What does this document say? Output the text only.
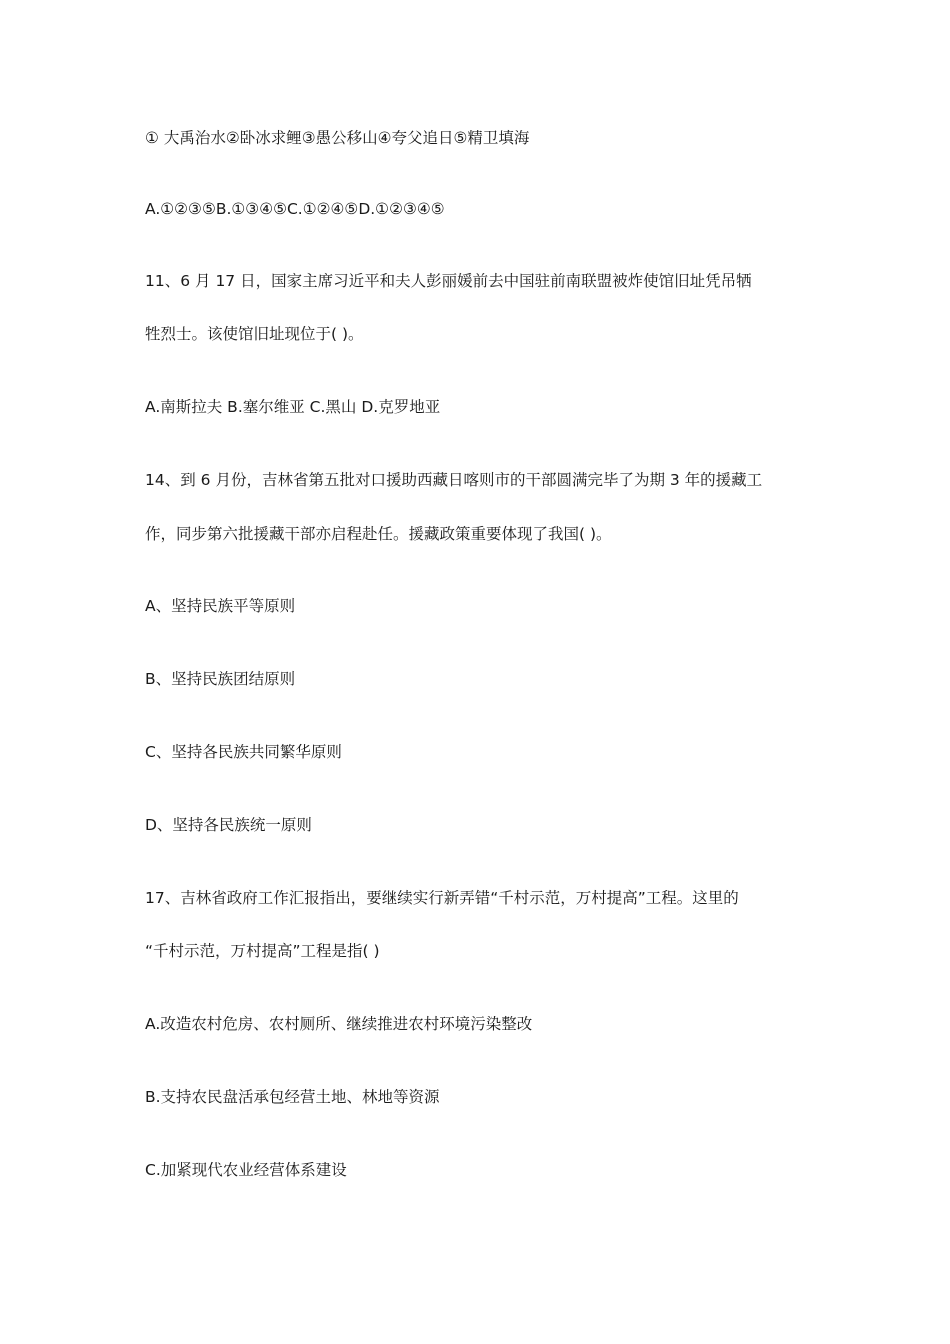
① 大禹治水②卧冰求鲤③愚公移山④夸父追日⑤精卫填海
A.①②③⑤B.①③④⑤C.①②④⑤D.①②③④⑤
11、6 月 17 日，国家主席习近平和夫人彭丽媛前去中国驻前南联盟被炸使馆旧址凭吊牺
牲烈士。该使馆旧址现位于( )。
A.南斯拉夫 B.塞尔维亚 C.黑山 D.克罗地亚
14、到 6 月份，吉林省第五批对口援助西藏日喀则市的干部圆满完毕了为期 3 年的援藏工
作，同步第六批援藏干部亦启程赴任。援藏政策重要体现了我国( )。
A、坚持民族平等原则
B、坚持民族团结原则
C、坚持各民族共同繁华原则
D、坚持各民族统一原则
17、吉林省政府工作汇报指出，要继续实行新弄错“千村示范，万村提高”工程。这里的
“千村示范，万村提高”工程是指( )
A.改造农村危房、农村厕所、继续推进农村环境污染整改
B.支持农民盘活承包经营土地、林地等资源
C.加紧现代农业经营体系建设
